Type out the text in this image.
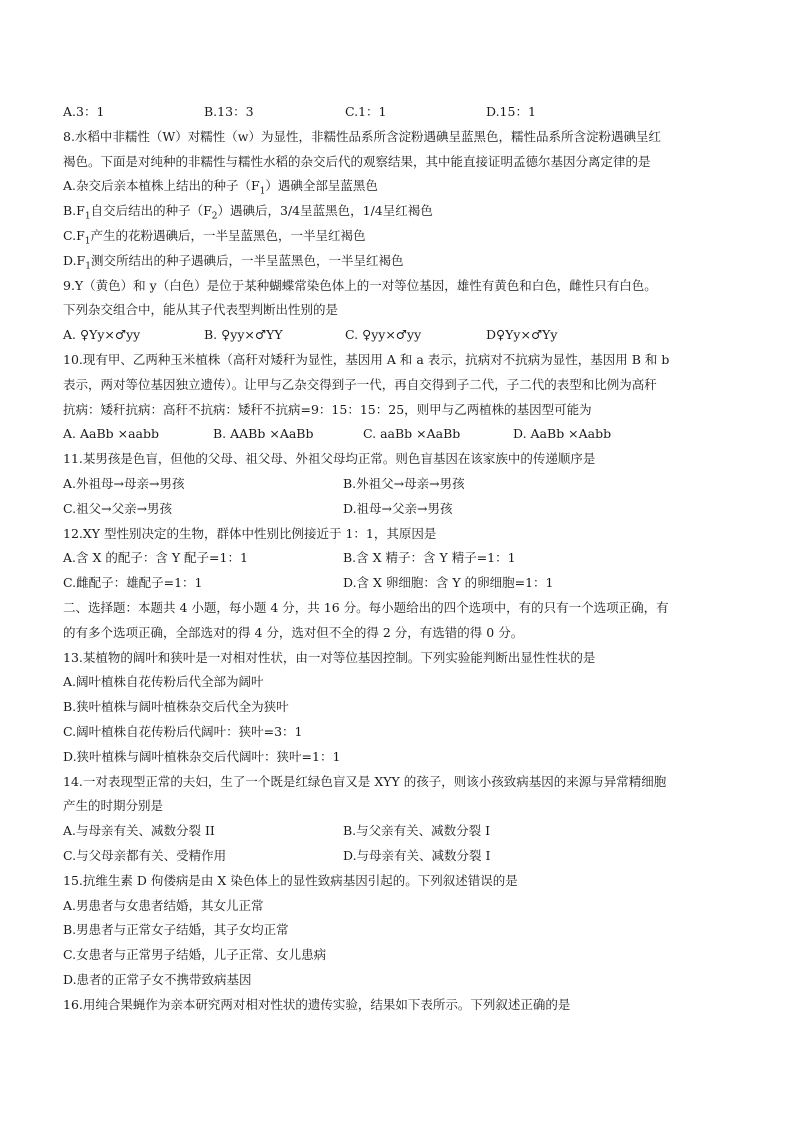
A.3：1	B.13：3	C.1：1	D.15：1
8.水稻中非糯性（W）对糯性（w）为显性，非糯性品系所含淀粉遇碘呈蓝黑色，糯性品系所含淀粉遇碘呈红
褐色。下面是对纯种的非糯性与糯性水稻的杂交后代的观察结果，其中能直接证明孟德尔基因分离定律的是
A.杂交后亲本植株上结出的种子$(F_1)$遇碘全部呈蓝黑色
$B.F_1$自交后结出的种子$(F_2)$遇碘后，3/4呈蓝黑色，1/4呈红褐色
$C.F_1$产生的花粉遇碘后，一半呈蓝黑色，一半呈红褐色
$D.F_1$测交所结出的种子遇碘后，一半呈蓝黑色，一半呈红褐色
9.Y（黄色）和 y（白色）是位于某种蝴蝶常染色体上的一对等位基因，雄性有黄色和白色，雌性只有白色。
下列杂交组合中，能从其子代表型判断出性别的是
A. ♀Yy×♂yy	B. ♀yy×♂YY	C. ♀yy×♂yy	D♀Yy×♂Yy
10.现有甲、乙两种玉米植株（高秆对矮秆为显性，基因用 A 和 a 表示，抗病对不抗病为显性，基因用 B 和 b
表示，两对等位基因独立遗传）。让甲与乙杂交得到子一代，再自交得到子二代，子二代的表型和比例为高秆
抗病：矮秆抗病：高秆不抗病：矮秆不抗病=9：15：15：25，则甲与乙两植株的基因型可能为
A. AaBb ×aabb	B. AABb ×AaBb	C. aaBb ×AaBb	D. AaBb ×Aabb
11.某男孩是色盲，但他的父母、祖父母、外祖父母均正常。则色盲基因在该家族中的传递顺序是
A.外祖母→母亲→男孩	B.外祖父→母亲→男孩
C.祖父→父亲→男孩	D.祖母→父亲→男孩
12.XY 型性别决定的生物，群体中性别比例接近于 1：1，其原因是
A.含 X 的配子：含 Y 配子=1：1	B.含 X 精子：含 Y 精子=1：1
C.雌配子：雄配子=1：1	D.含 X 卵细胞：含 Y 的卵细胞=1：1
二、选择题：本题共 4 小题，每小题 4 分，共 16 分。每小题给出的四个选项中，有的只有一个选项正确，有
的有多个选项正确，全部选对的得 4 分，选对但不全的得 2 分，有选错的得 0 分。
13.某植物的阔叶和狭叶是一对相对性状，由一对等位基因控制。下列实验能判断出显性性状的是
A.阔叶植株自花传粉后代全部为阔叶
B.狭叶植株与阔叶植株杂交后代全为狭叶
C.阔叶植株自花传粉后代阔叶：狭叶=3：1
D.狭叶植株与阔叶植株杂交后代阔叶：狭叶=1：1
14.一对表现型正常的夫妇，生了一个既是红绿色盲又是 XYY 的孩子，则该小孩致病基因的来源与异常精细胞
产生的时期分别是
A.与母亲有关、减数分裂 II	B.与父亲有关、减数分裂 I
C.与父母亲都有关、受精作用	D.与母亲有关、减数分裂 I
15.抗维生素 D 佝偻病是由 X 染色体上的显性致病基因引起的。下列叙述错误的是
A.男患者与女患者结婚，其女儿正常
B.男患者与正常女子结婚，其子女均正常
C.女患者与正常男子结婚，儿子正常、女儿患病
D.患者的正常子女不携带致病基因
16.用纯合果蝇作为亲本研究两对相对性状的遗传实验，结果如下表所示。下列叙述正确的是
